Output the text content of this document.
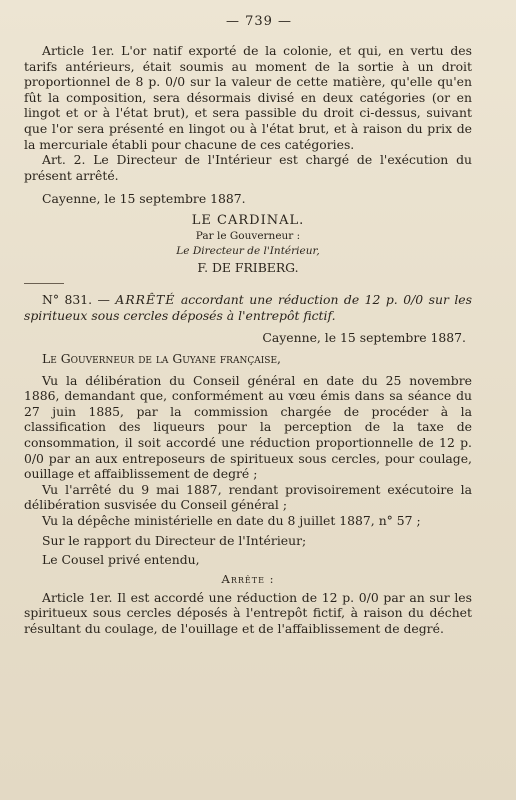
— 739 —

Article 1er. L'or natif exporté de la colonie, et qui, en vertu des tarifs antérieurs, était soumis au moment de la sortie à un droit proportionnel de 8 p. 0/0 sur la valeur de cette matière, qu'elle qu'en fût la composition, sera désormais divisé en deux catégories (or en lingot et or à l'état brut), et sera passible du droit ci-dessus, suivant que l'or sera présenté en lingot ou à l'état brut, et à raison du prix de la mercuriale établi pour chacune de ces catégories.

Art. 2. Le Directeur de l'Intérieur est chargé de l'exécution du présent arrêté.

Cayenne, le 15 septembre 1887.

LE CARDINAL.
Par le Gouverneur :
Le Directeur de l'Intérieur,
F. DE FRIBERG.

N° 831. — ARRÊTÉ accordant une réduction de 12 p. 0/0 sur les spiritueux sous cercles déposés à l'entrepôt fictif.

Cayenne, le 15 septembre 1887.

Le Gouverneur de la Guyane française,

Vu la délibération du Conseil général en date du 25 novembre 1886, demandant que, conformément au vœu émis dans sa séance du 27 juin 1885, par la commission chargée de procéder à la classification des liqueurs pour la perception de la taxe de consommation, il soit accordé une réduction proportionnelle de 12 p. 0/0 par an aux entreposeurs de spiritueux sous cercles, pour coulage, ouillage et affaiblissement de degré ;

Vu l'arrêté du 9 mai 1887, rendant provisoirement exécutoire la délibération susvisée du Conseil général ;

Vu la dépêche ministérielle en date du 8 juillet 1887, n° 57 ;

Sur le rapport du Directeur de l'Intérieur;

Le Cousel privé entendu,

Arrête :

Article 1er. Il est accordé une réduction de 12 p. 0/0 par an sur les spiritueux sous cercles déposés à l'entrepôt fictif, à raison du déchet résultant du coulage, de l'ouillage et de l'affaiblissement de degré.
